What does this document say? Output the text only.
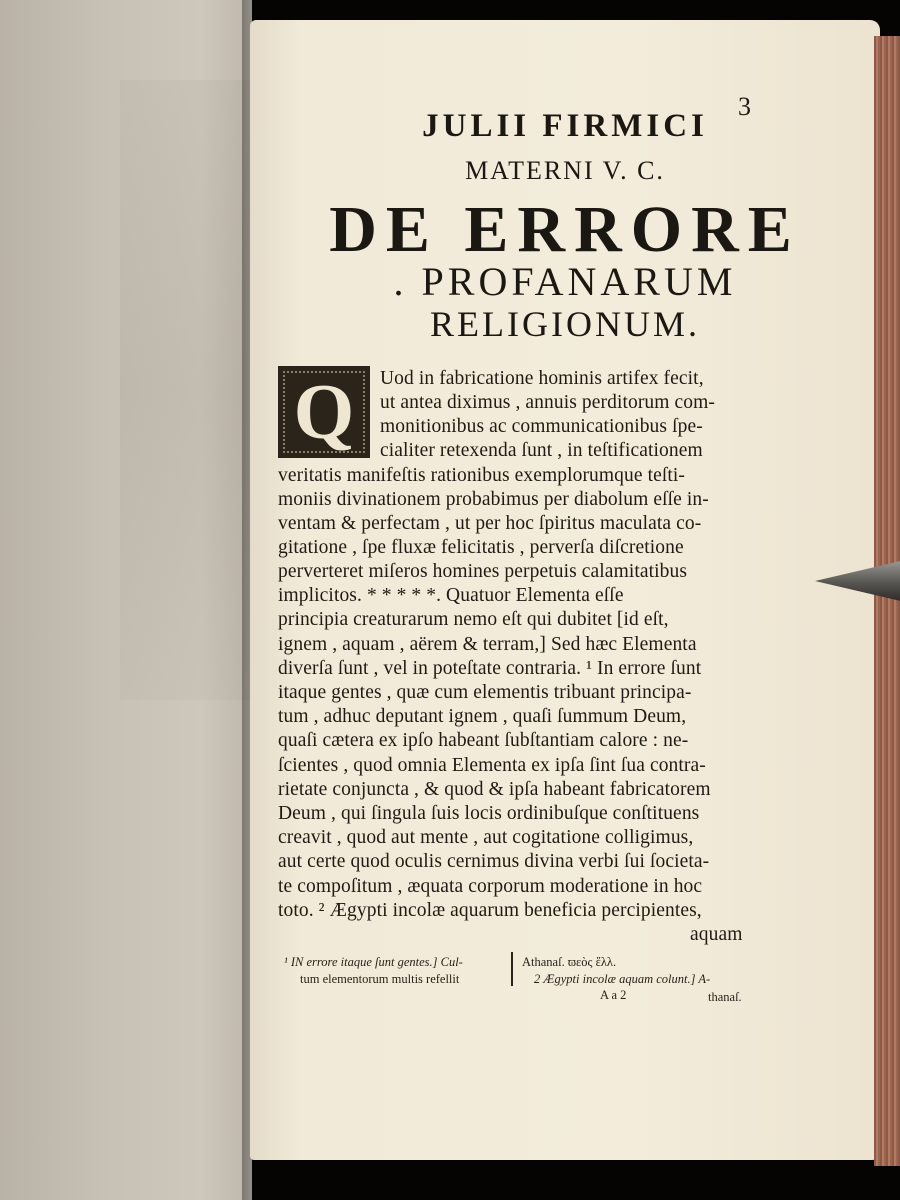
3
JULII FIRMICI
MATERNI V. C.
DE ERRORE
. PROFANARUM
RELIGIONUM.
Q	Uod in fabricatione hominis artifex fecit,
ut antea diximus , annuis perditorum com-
monitionibus ac communicationibus ſpe-
cialiter retexenda ſunt , in teſtificationem
veritatis manifeſtis rationibus exemplorumque teſti-
moniis divinationem probabimus per diabolum eſſe in-
ventam & perfectam , ut per hoc ſpiritus maculata co-
gitatione , ſpe fluxæ felicitatis , perverſa diſcretione
perverteret miſeros homines perpetuis calamitatibus
implicitos. * * * * *. Quatuor Elementa eſſe
principia creaturarum nemo eſt qui dubitet [id eſt,
ignem , aquam , aërem & terram,] Sed hæc Elementa
diverſa ſunt , vel in poteſtate contraria. ¹ In errore ſunt
itaque gentes , quæ cum elementis tribuant principa-
tum , adhuc deputant ignem , quaſi ſummum Deum,
quaſi cætera ex ipſo habeant ſubſtantiam calore : ne-
ſcientes , quod omnia Elementa ex ipſa ſint ſua contra-
rietate conjuncta , & quod & ipſa habeant fabricatorem
Deum , qui ſingula ſuis locis ordinibuſque conſtituens
creavit , quod aut mente , aut cogitatione colligimus,
aut certe quod oculis cernimus divina verbi ſui ſocieta-
te compoſitum , æquata corporum moderatione in hoc
toto. ² Ægypti incolæ aquarum beneficia percipientes,
aquam
¹ IN errore itaque ſunt gentes.] Cul-
tum elementorum multis refellit
Athanaſ. ϖεὸς ἕλλ.
2 Ægypti incolæ aquam colunt.] A-
A a 2	thanaſ.
